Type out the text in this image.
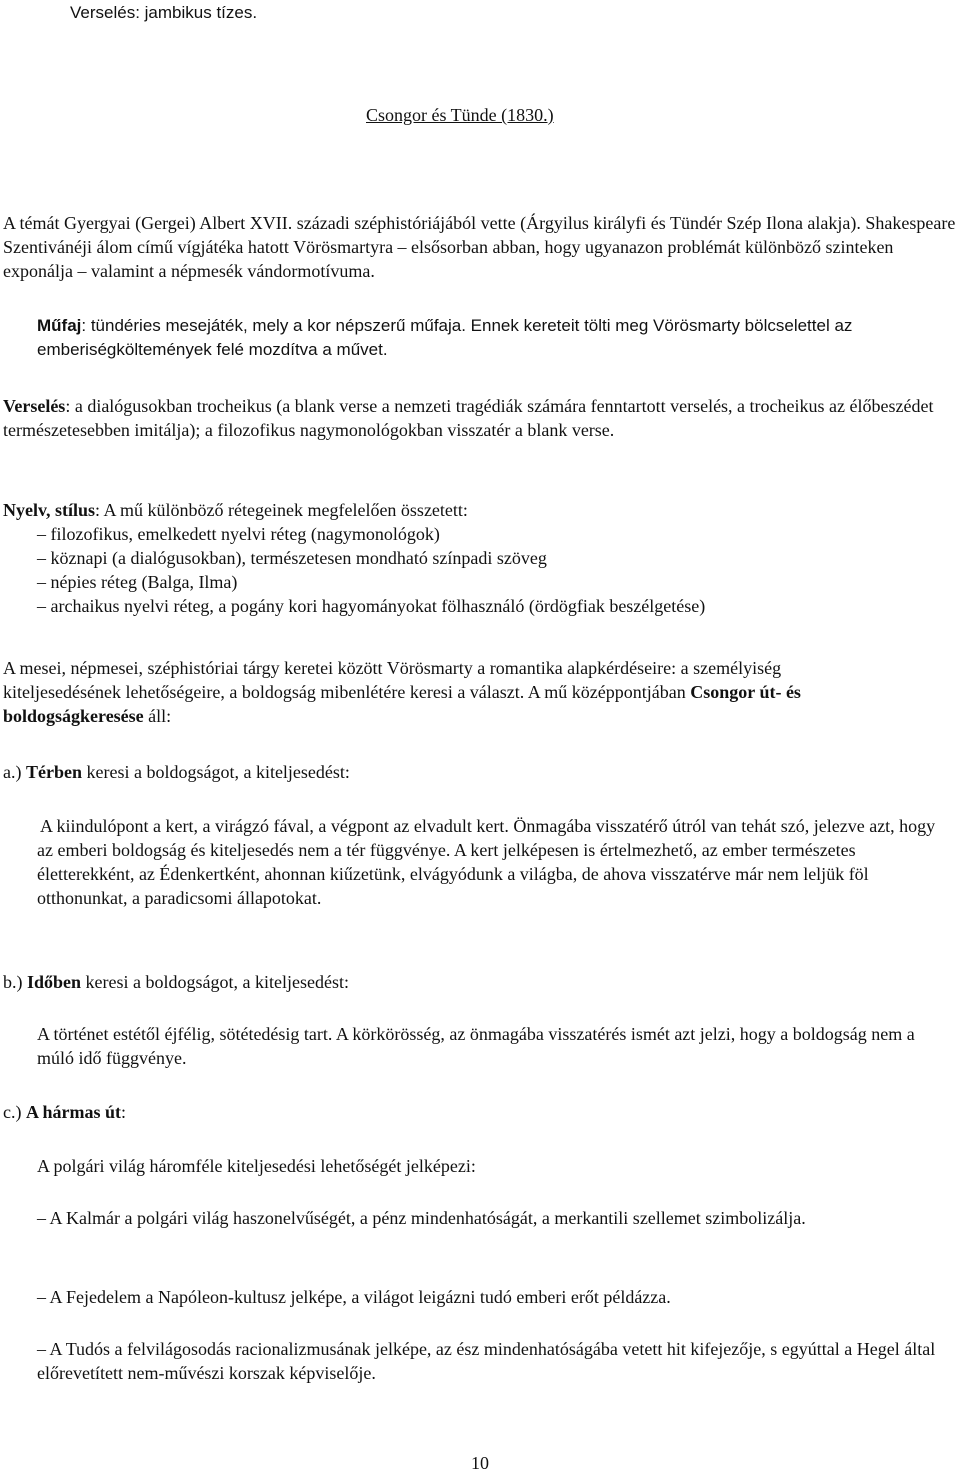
Verselés: jambikus tízes.

Csongor és Tünde (1830.)

A témát Gyergyai (Gergei) Albert XVII. századi széphistóriájából vette (Árgyilus királyfi és Tündér Szép Ilona alakja). Shakespeare Szentivánéji álom című vígjátéka hatott Vörösmartyra – elsősorban abban, hogy ugyanazon problémát különböző szinteken exponálja – valamint a népmesék vándormotívuma.

Műfaj: tündéries mesejáték, mely a kor népszerű műfaja. Ennek kereteit tölti meg Vörösmarty bölcselettel az emberiségköltemények felé mozdítva a művet.

Verselés: a dialógusokban trocheikus (a blank verse a nemzeti tragédiák számára fenntartott verselés, a trocheikus az élőbeszédet természetesebben imitálja); a filozofikus nagymonológokban visszatér a blank verse.

Nyelv, stílus: A mű különböző rétegeinek megfelelően összetett:
– filozofikus, emelkedett nyelvi réteg (nagymonológok)
– köznapi (a dialógusokban), természetesen mondható színpadi szöveg
– népies réteg (Balga, Ilma)
– archaikus nyelvi réteg, a pogány kori hagyományokat fölhasználó (ördögfiak beszélgetése)

A mesei, népmesei, széphistóriai tárgy keretei között Vörösmarty a romantika alapkérdéseire: a személyiség kiteljesedésének lehetőségeire, a boldogság mibenlétére keresi a választ. A mű középpontjában Csongor út- és boldogságkeresése áll:

a.) Térben keresi a boldogságot, a kiteljesedést:

A kiindulópont a kert, a virágzó fával, a végpont az elvadult kert. Önmagába visszatérő útról van tehát szó, jelezve azt, hogy az emberi boldogság és kiteljesedés nem a tér függvénye. A kert jelképesen is értelmezhető, az ember természetes életterekként, az Édenkertként, ahonnan kiűzetünk, elvágyódunk a világba, de ahova visszatérve már nem leljük föl otthonunkat, a paradicsomi állapotokat.

b.) Időben keresi a boldogságot, a kiteljesedést:

A történet estétől éjfélig, sötétedésig tart. A körkörösség, az önmagába visszatérés ismét azt jelzi, hogy a boldogság nem a múló idő függvénye.

c.) A hármas út:

A polgári világ háromféle kiteljesedési lehetőségét jelképezi:

– A Kalmár a polgári világ haszonelvűségét, a pénz mindenhatóságát, a merkantili szellemet szimbolizálja.

– A Fejedelem a Napóleon-kultusz jelképe, a világot leigázni tudó emberi erőt példázza.

– A Tudós a felvilágosodás racionalizmusának jelképe, az ész mindenhatóságába vetett hit kifejezője, s egyúttal a Hegel által előrevetített nem-művészi korszak képviselője.

10
